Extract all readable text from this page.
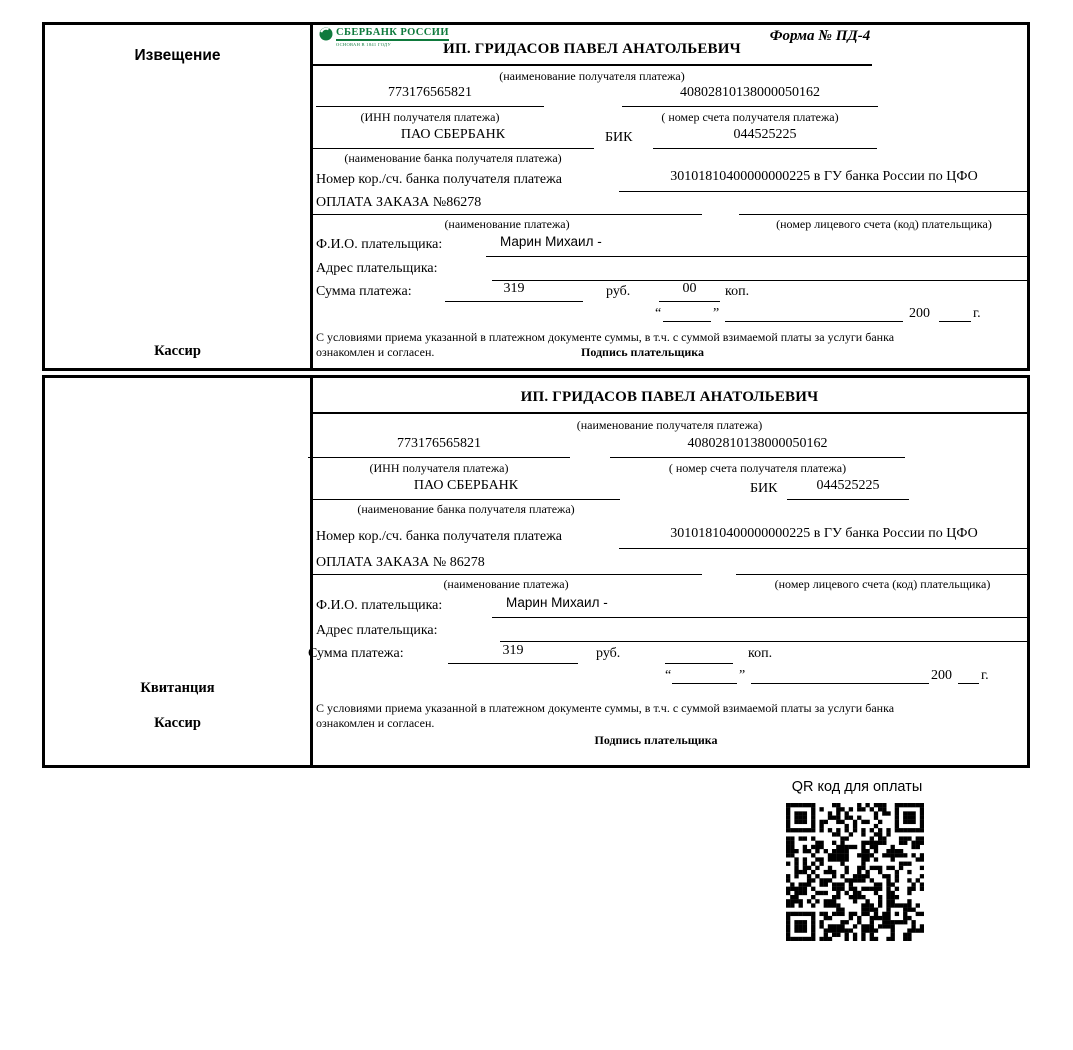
Извещение
Кассир
СБЕРБАНК РОССИИ
ОСНОВАН В 1841 ГОДУ
Форма № ПД-4
ИП. ГРИДАСОВ ПАВЕЛ АНАТОЛЬЕВИЧ
(наименование получателя платежа)
773176565821	40802810138000050162
(ИНН получателя платежа)	( номер счета получателя платежа)
ПАО СБЕРБАНК	БИК	044525225
(наименование банка получателя платежа)
Номер кор./сч. банка получателя платежа	30101810400000000225 в ГУ банка России по ЦФО
ОПЛАТА ЗАКАЗА №86278
(наименование платежа)	(номер лицевого счета (код) плательщика)
Ф.И.О. плательщика:	Марин Михаил -
Адрес плательщика:
Сумма платежа:	319	руб.	00	коп.
“	”	200	г.
С условиями приема указанной в платежном документе суммы, в т.ч. с суммой взимаемой платы за услуги банка
ознакомлен и согласен.	Подпись плательщика
Квитанция
Кассир
ИП. ГРИДАСОВ ПАВЕЛ АНАТОЛЬЕВИЧ
(наименование получателя платежа)
773176565821	40802810138000050162
(ИНН получателя платежа)	( номер счета получателя платежа)
ПАО СБЕРБАНК	БИК	044525225
(наименование банка получателя платежа)
Номер кор./сч. банка получателя платежа	30101810400000000225 в ГУ банка России по ЦФО
ОПЛАТА ЗАКАЗА № 86278
(наименование платежа)	(номер лицевого счета (код) плательщика)
Ф.И.О. плательщика:	Марин Михаил -
Адрес плательщика:
Сумма платежа:	319	руб.	коп.
“	”	200 г.
С условиями приема указанной в платежном документе суммы, в т.ч. с суммой взимаемой платы за услуги банка
ознакомлен и согласен.
Подпись плательщика
QR код для оплаты
